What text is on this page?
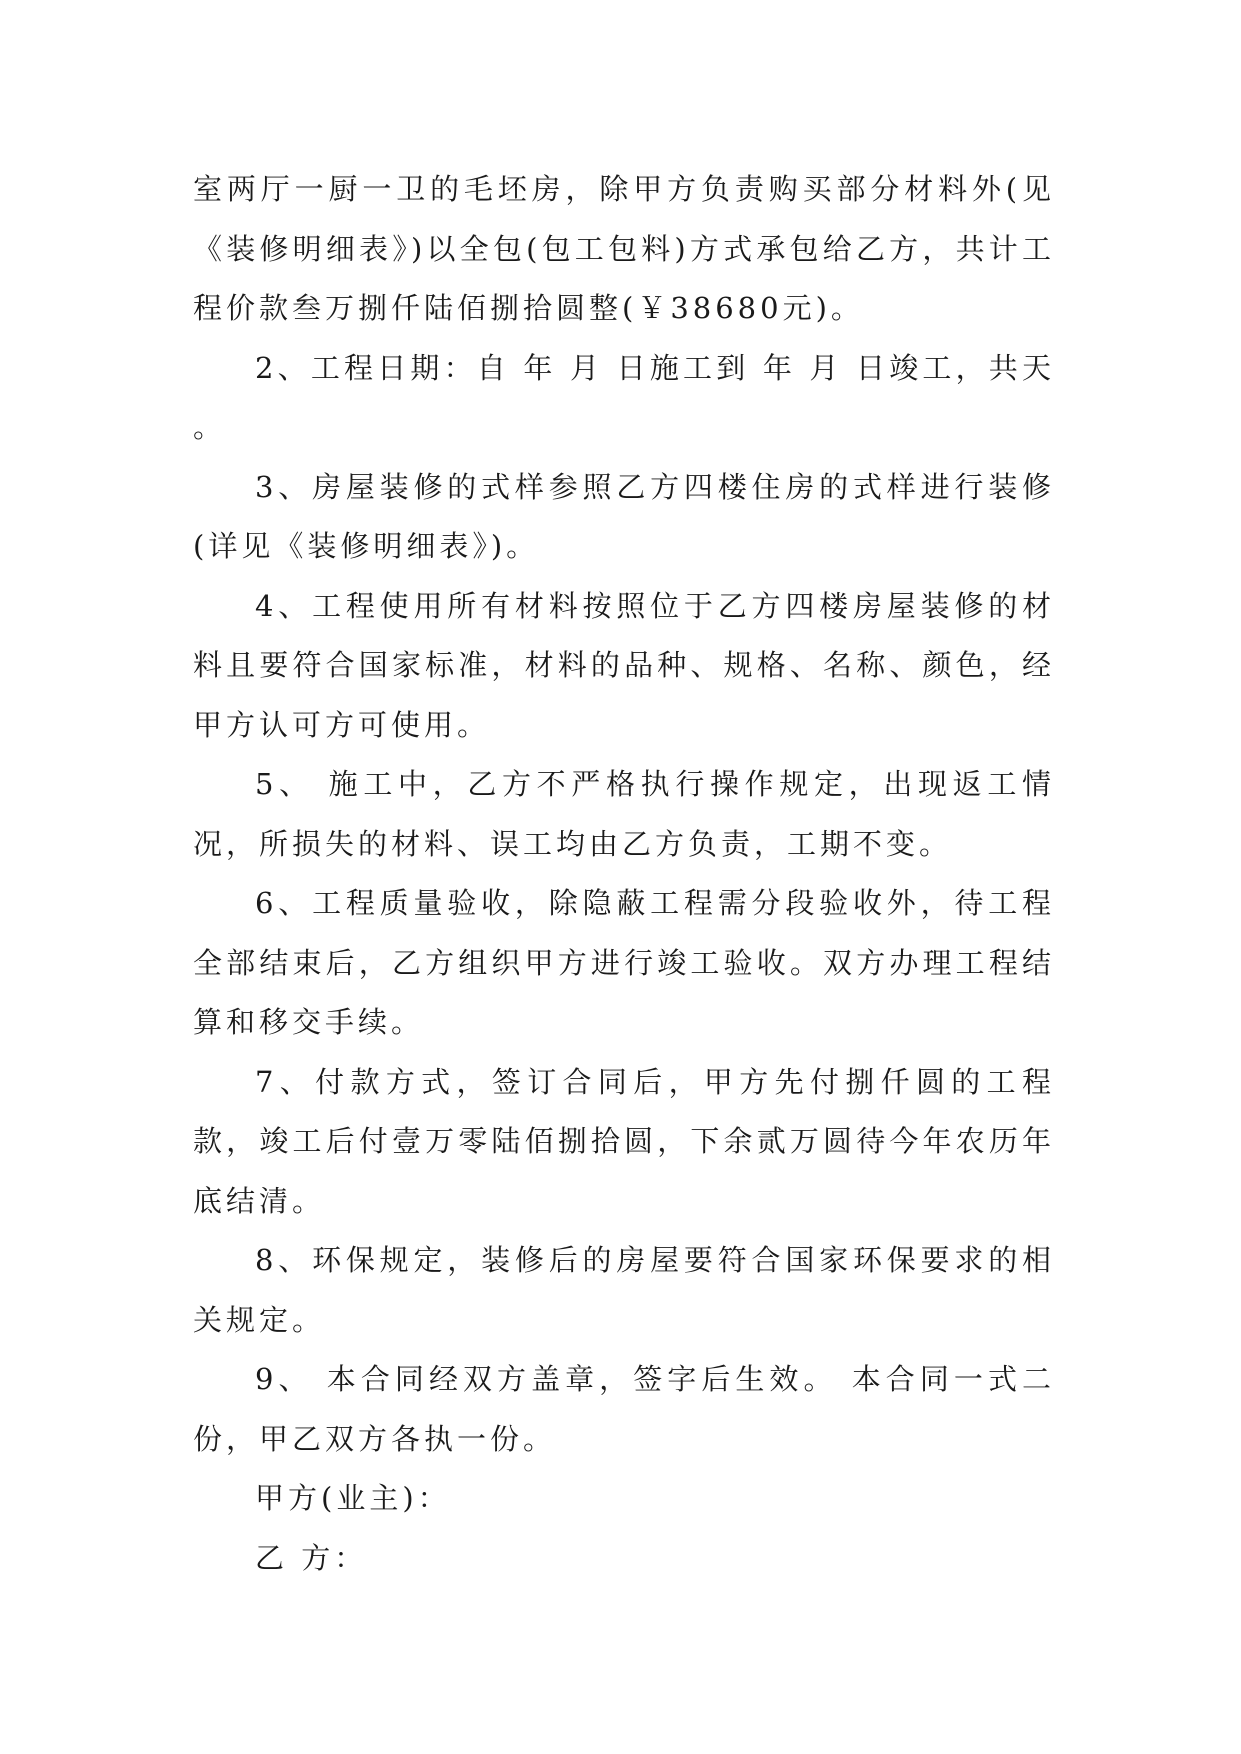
室两厅一厨一卫的毛坯房，除甲方负责购买部分材料外(见《装修明细表》)以全包(包工包料)方式承包给乙方，共计工程价款叁万捌仟陆佰捌拾圆整(￥38680元)。

2、工程日期：自 年 月 日施工到 年 月 日竣工，共天 。

3、房屋装修的式样参照乙方四楼住房的式样进行装修(详见《装修明细表》)。

4、工程使用所有材料按照位于乙方四楼房屋装修的材料且要符合国家标准，材料的品种、规格、名称、颜色，经甲方认可方可使用。

5、 施工中，乙方不严格执行操作规定，出现返工情况，所损失的材料、误工均由乙方负责，工期不变。

6、工程质量验收，除隐蔽工程需分段验收外，待工程全部结束后，乙方组织甲方进行竣工验收。双方办理工程结算和移交手续。

7、付款方式，签订合同后，甲方先付捌仟圆的工程款，竣工后付壹万零陆佰捌拾圆，下余贰万圆待今年农历年底结清。

8、环保规定，装修后的房屋要符合国家环保要求的相关规定。

9、 本合同经双方盖章，签字后生效。 本合同一式二份，甲乙双方各执一份。

甲方(业主)：

乙 方：
